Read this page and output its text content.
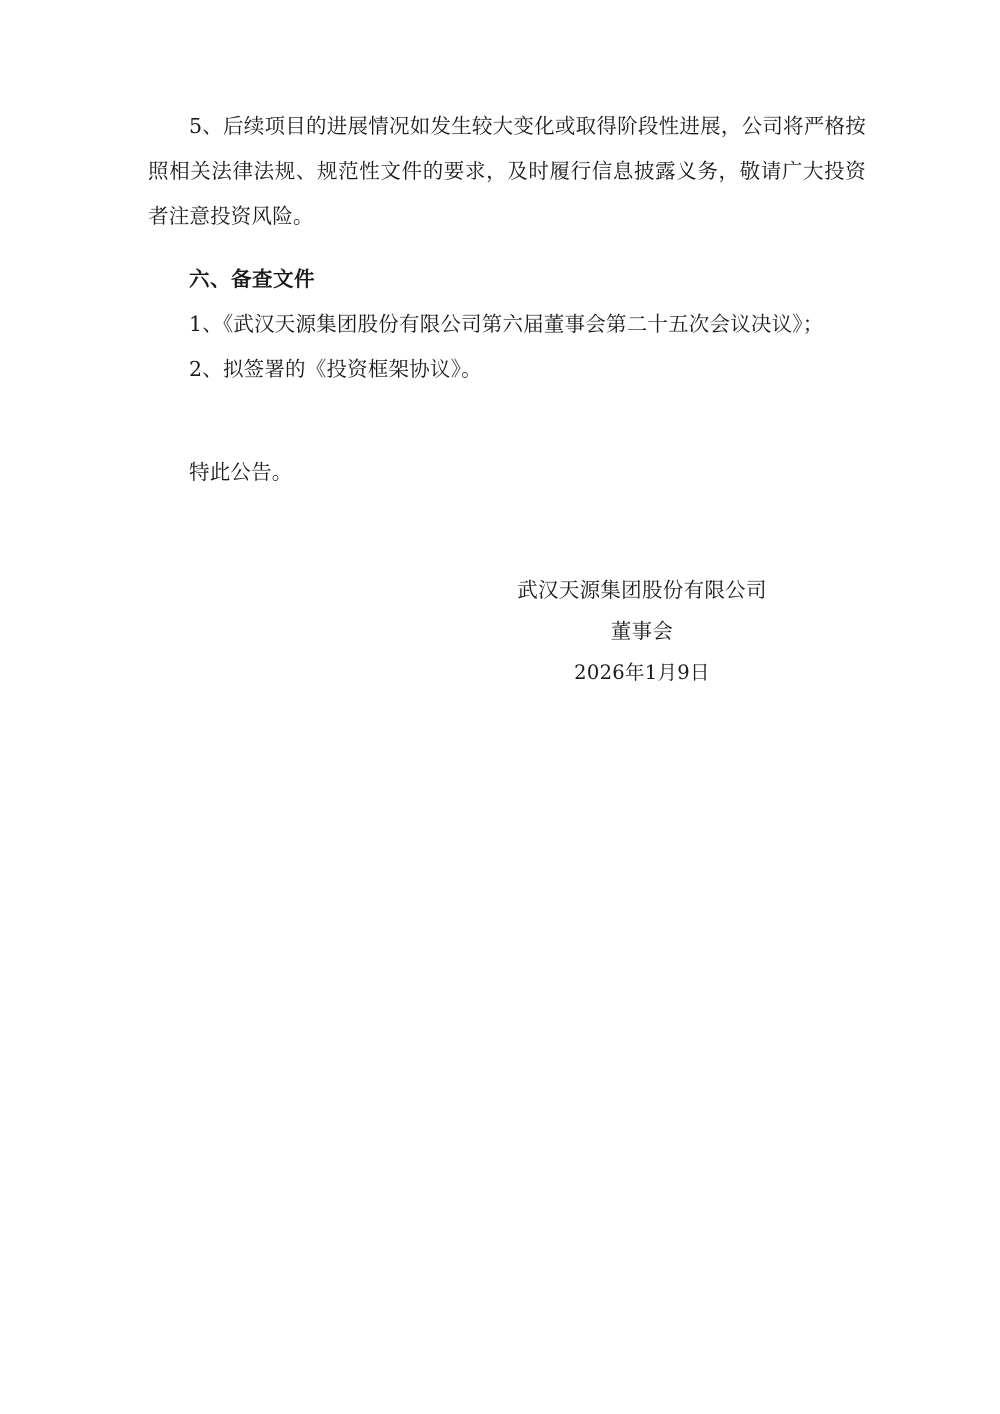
5、后续项目的进展情况如发生较大变化或取得阶段性进展，公司将严格按照相关法律法规、规范性文件的要求，及时履行信息披露义务，敬请广大投资者注意投资风险。

六、备查文件

1、《武汉天源集团股份有限公司第六届董事会第二十五次会议决议》；

2、拟签署的《投资框架协议》。

特此公告。

武汉天源集团股份有限公司
董事会
2026年1月9日
